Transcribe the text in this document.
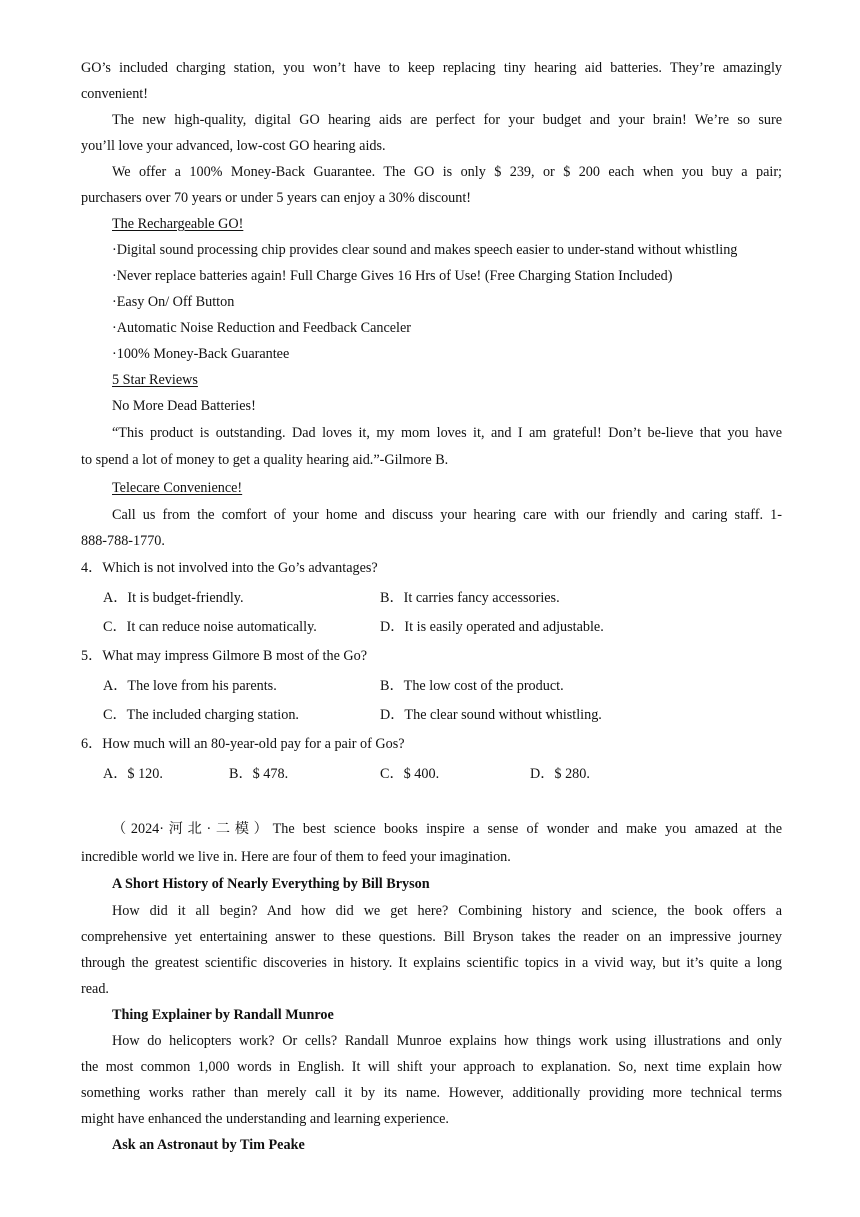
GO’s included charging station, you won’t have to keep replacing tiny hearing aid batteries. They’re amazingly
convenient!
The new high-quality, digital GO hearing aids are perfect for your budget and your brain! We’re so sure
you’ll love your advanced, low-cost GO hearing aids.
We offer a 100% Money-Back Guarantee. The GO is only $ 239, or $ 200 each when you buy a pair;
purchasers over 70 years or under 5 years can enjoy a 30% discount!
The Rechargeable GO!
·Digital sound processing chip provides clear sound and makes speech easier to under-stand without whistling
·Never replace batteries again! Full Charge Gives 16 Hrs of Use! (Free Charging Station Included)
·Easy On/ Off Button
·Automatic Noise Reduction and Feedback Canceler
·100% Money-Back Guarantee
5 Star Reviews
No More Dead Batteries!
“This product is outstanding. Dad loves it, my mom loves it, and I am grateful! Don’t be-lieve that you have
to spend a lot of money to get a quality hearing aid.”-Gilmore B.
Telecare Convenience!
Call us from the comfort of your home and discuss your hearing care with our friendly and caring staff. 1-
888-788-1770.
4．Which is not involved into the Go’s advantages?
A．It is budget-friendly.	B．It carries fancy accessories.
C．It can reduce noise automatically.	D．It is easily operated and adjustable.
5．What may impress Gilmore B most of the Go?
A．The love from his parents.	B．The low cost of the product.
C．The included charging station.	D．The clear sound without whistling.
6．How much will an 80-year-old pay for a pair of Gos?
A．$ 120.	B．$ 478.	C．$ 400.	D．$ 280.
（2024·河北·二模）The best science books inspire a sense of wonder and make you amazed at the
incredible world we live in. Here are four of them to feed your imagination.
A Short History of Nearly Everything by Bill Bryson
How did it all begin? And how did we get here? Combining history and science, the book offers a
comprehensive yet entertaining answer to these questions. Bill Bryson takes the reader on an impressive journey
through the greatest scientific discoveries in history. It explains scientific topics in a vivid way, but it’s quite a long
read.
Thing Explainer by Randall Munroe
How do helicopters work? Or cells? Randall Munroe explains how things work using illustrations and only
the most common 1,000 words in English. It will shift your approach to explanation. So, next time explain how
something works rather than merely call it by its name. However, additionally providing more technical terms
might have enhanced the understanding and learning experience.
Ask an Astronaut by Tim Peake
